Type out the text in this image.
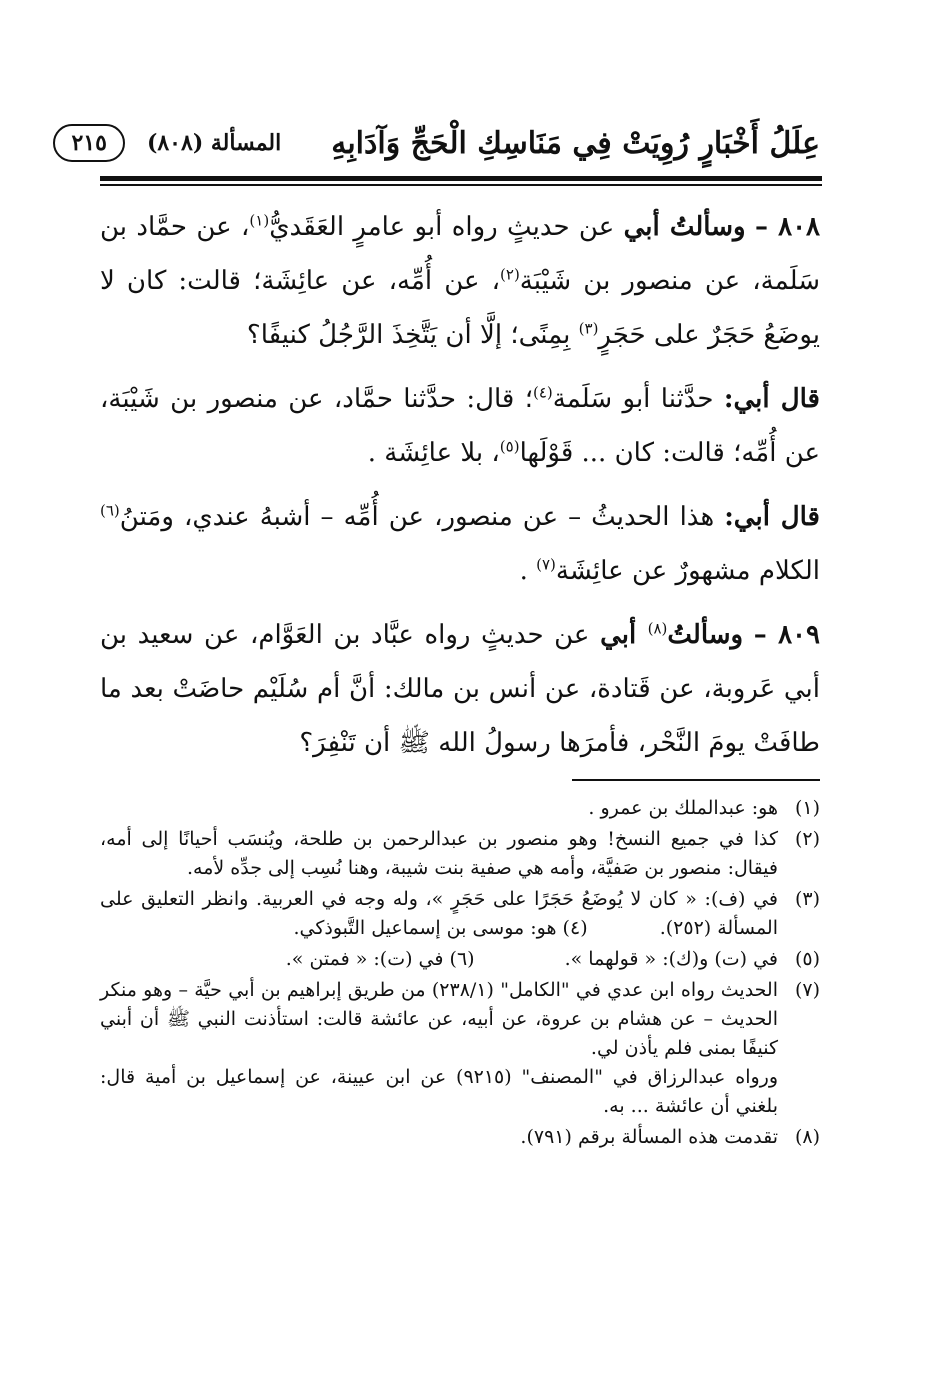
عِلَلُ أَخْبَارٍ رُوِيَتْ فِي مَنَاسِكِ الْحَجِّ وَآدَابِهِ
المسألة (٨٠٨)
٢١٥

٨٠٨ – وسألتُ أبي عن حديثٍ رواه أبو عامرٍ العَقَديُّ$^{(١)}$، عن حمَّاد بن سَلَمة، عن منصور بن شَيْبَة$^{(٢)}$، عن أُمِّه، عن عائِشَة؛ قالت: كان لا يوضَعُ حَجَرٌ على حَجَرٍ$^{(٣)}$ بِمِنًى؛ إلَّا أن يَتَّخِذَ الرَّجُلُ كنيفًا؟

قال أبي: حدَّثنا أبو سَلَمة$^{(٤)}$؛ قال: حدَّثنا حمَّاد، عن منصور بن شَيْبَة، عن أُمِّه؛ قالت: كان ... قَوْلَها$^{(٥)}$، بلا عائِشَة .

قال أبي: هذا الحديثُ – عن منصور، عن أُمِّه – أشبهُ عندي، ومَتنُ$^{(٦)}$ الكلام مشهورٌ عن عائِشَة$^{(٧)}$ .

٨٠٩ – وسألتُ$^{(٨)}$ أبي عن حديثٍ رواه عبَّاد بن العَوَّام، عن سعيد بن أبي عَروبة، عن قَتادة، عن أنس بن مالك: أنَّ أم سُلَيْم حاضَتْ بعد ما طافَتْ يومَ النَّحْر، فأمرَها رسولُ الله ﷺ أن تَنْفِرَ؟

(١)
هو: عبدالملك بن عمرو .
(٢)
كذا في جميع النسخ! وهو منصور بن عبدالرحمن بن طلحة، ويُنسَب أحيانًا إلى أمه، فيقال: منصور بن صَفيَّة، وأمه هي صفية بنت شيبة، وهنا نُسِب إلى جدِّه لأمه.
(٣)
في (ف): « كان لا يُوضَعُ حَجَرًا على حَجَرٍ »، وله وجه في العربية. وانظر التعليق على المسألة (٢٥٢).  (٤) هو: موسى بن إسماعيل التَّبوذكي.
(٥)
في (ت) و(ك): « قولهما ».
(٦)

في (ت): « فمتن ».
(٧)

الحديث رواه ابن عدي في "الكامل" (٢٣٨/١) من طريق إبراهيم بن أبي حيَّة – وهو منكر الحديث – عن هشام بن عروة، عن أبيه، عن عائشة قالت: استأذنت النبي ﷺ أن أبني كنيفًا بمنى فلم يأذن لي.

ورواه عبدالرزاق في "المصنف" (٩٢١٥) عن ابن عيينة، عن إسماعيل بن أمية قال: بلغني أن عائشة ... به.

(٨)
تقدمت هذه المسألة برقم (٧٩١).
